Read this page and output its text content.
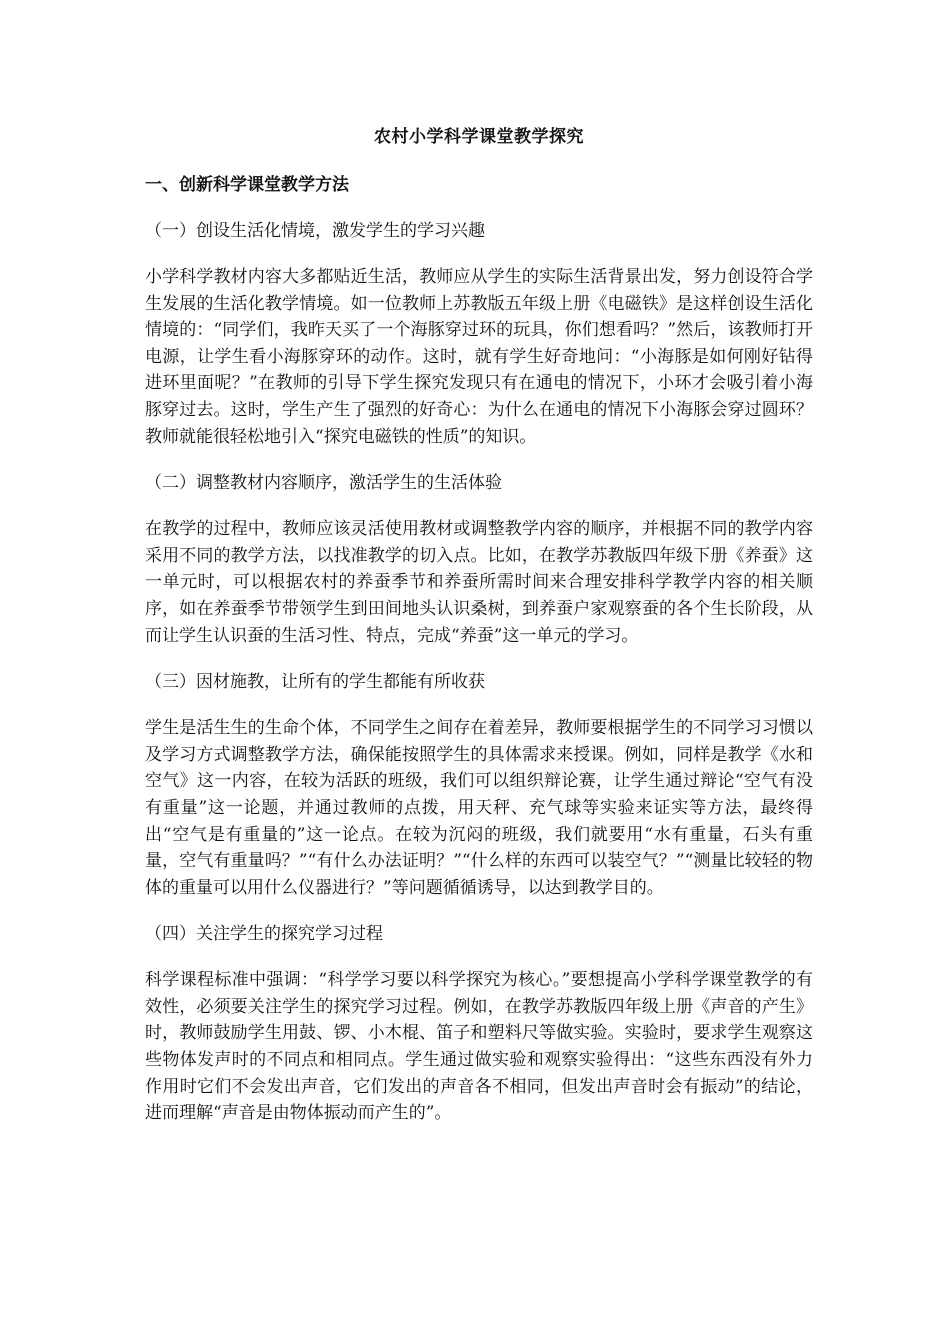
农村小学科学课堂教学探究
一、创新科学课堂教学方法
（一）创设生活化情境，激发学生的学习兴趣
小学科学教材内容大多都贴近生活，教师应从学生的实际生活背景出发，努力创设符合学生发展的生活化教学情境。如一位教师上苏教版五年级上册《电磁铁》是这样创设生活化情境的：“同学们，我昨天买了一个海豚穿过环的玩具，你们想看吗？”然后，该教师打开电源，让学生看小海豚穿环的动作。这时，就有学生好奇地问：“小海豚是如何刚好钻得进环里面呢？”在教师的引导下学生探究发现只有在通电的情况下，小环才会吸引着小海豚穿过去。这时，学生产生了强烈的好奇心：为什么在通电的情况下小海豚会穿过圆环？教师就能很轻松地引入“探究电磁铁的性质”的知识。
（二）调整教材内容顺序，激活学生的生活体验
在教学的过程中，教师应该灵活使用教材或调整教学内容的顺序，并根据不同的教学内容采用不同的教学方法，以找准教学的切入点。比如，在教学苏教版四年级下册《养蚕》这一单元时，可以根据农村的养蚕季节和养蚕所需时间来合理安排科学教学内容的相关顺序，如在养蚕季节带领学生到田间地头认识桑树，到养蚕户家观察蚕的各个生长阶段，从而让学生认识蚕的生活习性、特点，完成“养蚕”这一单元的学习。
（三）因材施教，让所有的学生都能有所收获
学生是活生生的生命个体，不同学生之间存在着差异，教师要根据学生的不同学习习惯以及学习方式调整教学方法，确保能按照学生的具体需求来授课。例如，同样是教学《水和空气》这一内容，在较为活跃的班级，我们可以组织辩论赛，让学生通过辩论“空气有没有重量”这一论题，并通过教师的点拨，用天秤、充气球等实验来证实等方法，最终得出“空气是有重量的”这一论点。在较为沉闷的班级，我们就要用“水有重量，石头有重量，空气有重量吗？”“有什么办法证明？”“什么样的东西可以装空气？”“测量比较轻的物体的重量可以用什么仪器进行？”等问题循循诱导，以达到教学目的。
（四）关注学生的探究学习过程
科学课程标准中强调：“科学学习要以科学探究为核心。”要想提高小学科学课堂教学的有效性，必须要关注学生的探究学习过程。例如，在教学苏教版四年级上册《声音的产生》时，教师鼓励学生用鼓、锣、小木棍、笛子和塑料尺等做实验。实验时，要求学生观察这些物体发声时的不同点和相同点。学生通过做实验和观察实验得出：“这些东西没有外力作用时它们不会发出声音，它们发出的声音各不相同，但发出声音时会有振动”的结论，进而理解“声音是由物体振动而产生的”。
